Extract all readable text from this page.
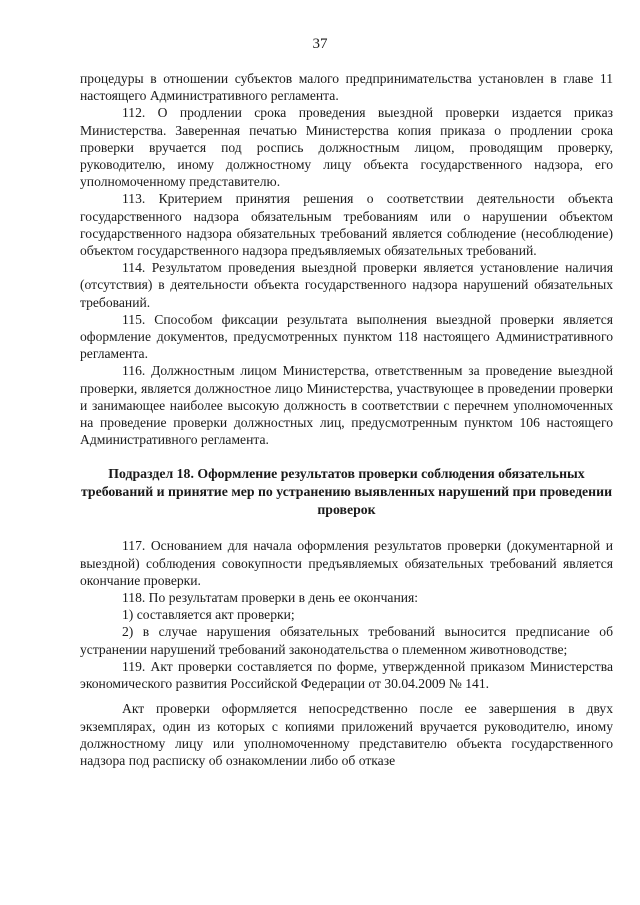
37

процедуры в отношении субъектов малого предпринимательства установлен в главе 11 настоящего Административного регламента.

112. О продлении срока проведения выездной проверки издается приказ Министерства. Заверенная печатью Министерства копия приказа о продлении срока проверки вручается под роспись должностным лицом, проводящим проверку, руководителю, иному должностному лицу объекта государственного надзора, его уполномоченному представителю.

113. Критерием принятия решения о соответствии деятельности объекта государственного надзора обязательным требованиям или о нарушении объектом государственного надзора обязательных требований является соблюдение (несоблюдение) объектом государственного надзора предъявляемых обязательных требований.

114. Результатом проведения выездной проверки является установление наличия (отсутствия) в деятельности объекта государственного надзора нарушений обязательных требований.

115. Способом фиксации результата выполнения выездной проверки является оформление документов, предусмотренных пунктом 118 настоящего Административного регламента.

116. Должностным лицом Министерства, ответственным за проведение выездной проверки, является должностное лицо Министерства, участвующее в проведении проверки и занимающее наиболее высокую должность в соответствии с перечнем уполномоченных на проведение проверки должностных лиц, предусмотренным пунктом 106 настоящего Административного регламента.

Подраздел 18. Оформление результатов проверки соблюдения обязательных требований и принятие мер по устранению выявленных нарушений при проведении проверок

117. Основанием для начала оформления результатов проверки (документарной и выездной) соблюдения совокупности предъявляемых обязательных требований является окончание проверки.

118. По результатам проверки в день ее окончания:

1) составляется акт проверки;

2) в случае нарушения обязательных требований выносится предписание об устранении нарушений требований законодательства о племенном животноводстве;

119. Акт проверки составляется по форме, утвержденной приказом Министерства экономического развития Российской Федерации от 30.04.2009 № 141.

Акт проверки оформляется непосредственно после ее завершения в двух экземплярах, один из которых с копиями приложений вручается руководителю, иному должностному лицу или уполномоченному представителю объекта государственного надзора под расписку об ознакомлении либо об отказе
